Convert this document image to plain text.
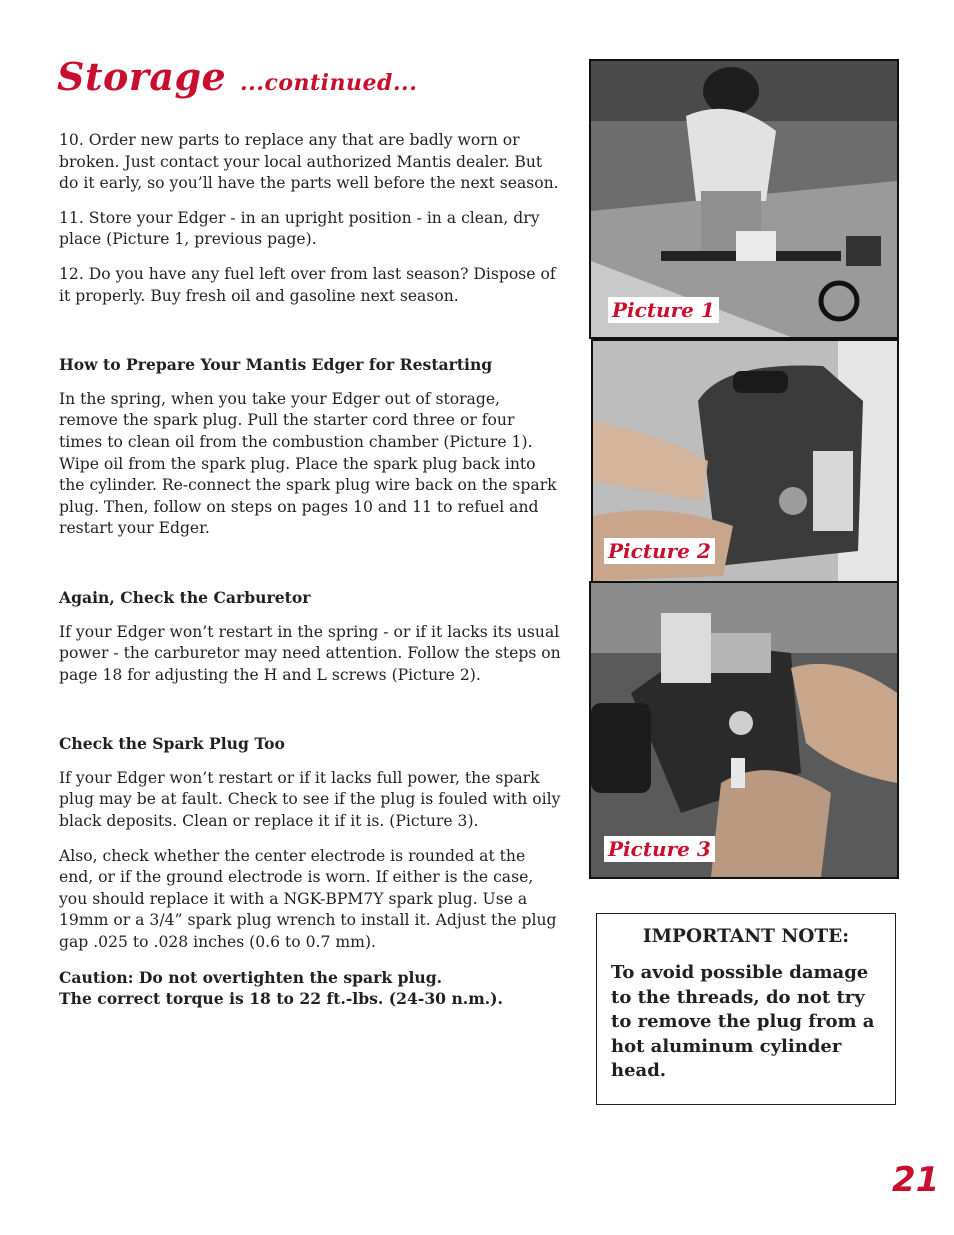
Storage ...continued...

10. Order new parts to replace any that are badly worn or broken. Just contact your local authorized Mantis dealer. But do it early, so you’ll have the parts well before the next season.

11. Store your Edger - in an upright position - in a clean, dry place (Picture 1, previous page).

12. Do you have any fuel left over from last season? Dispose of it properly. Buy fresh oil and gasoline next season.

How to Prepare Your Mantis Edger for Restarting

In the spring, when you take your Edger out of storage, remove the spark plug. Pull the starter cord three or four times to clean oil from the combustion chamber (Picture 1). Wipe oil from the spark plug. Place the spark plug back into the cylinder. Re-connect the spark plug wire back on the spark plug. Then, follow on steps on pages 10 and 11 to refuel and restart your Edger.

Again, Check the Carburetor

If your Edger won’t restart in the spring - or if it lacks its usual power - the carburetor may need attention. Follow the steps on page 18 for adjusting the H and L screws (Picture 2).

Check the Spark Plug Too

If your Edger won’t restart or if it lacks full power, the spark plug may be at fault. Check to see if the plug is fouled with oily black deposits. Clean or replace it if it is. (Picture 3).

Also, check whether the center electrode is rounded at the end, or if the ground electrode is worn. If either is the case, you should replace it with a NGK-BPM7Y spark plug. Use a 19mm or a 3/4” spark plug wrench to install it. Adjust the plug gap .025 to .028 inches (0.6 to 0.7 mm).

Caution: Do not overtighten the spark plug.
The correct torque is 18 to 22 ft.-lbs. (24-30 n.m.).
Picture 1
Picture 2
Picture 3
IMPORTANT NOTE:
To avoid possible damage to the threads, do not try to remove the plug from a hot aluminum cylinder head.
21
